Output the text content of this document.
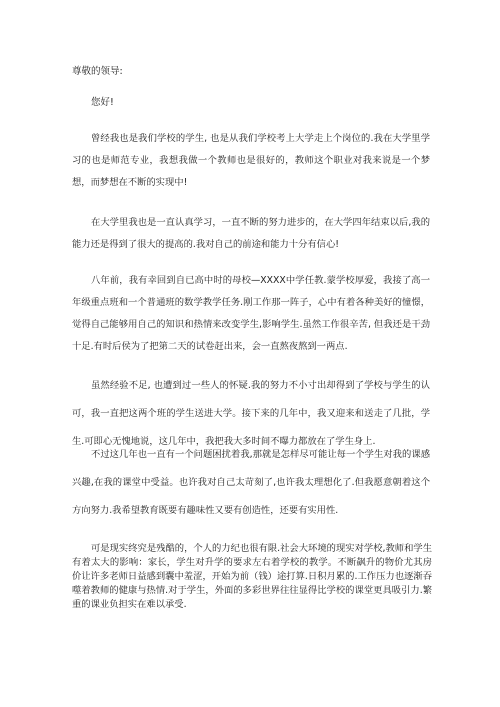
尊敬的领导:
您好!

曾经我也是我们学校的学生, 也是从我们学校考上大学走上个岗位的.我在大学里学习的也是师范专业，我想我做一个教师也是很好的，教师这个职业对我来说是一个梦想，而梦想在不断的实现中!

在大学里我也是一直认真学习，一直不断的努力进步的，在大学四年结束以后,我的能力还是得到了很大的提高的.我对自己的前途和能力十分有信心!

八年前，我有幸回到自已高中时的母校—XXXX中学任教.蒙学校厚爱，我接了高一年级重点班和一个普通班的数学教学任务.刚工作那一阵子，心中有着各种美好的憧憬，觉得自己能够用自己的知识和热情来改变学生,影响学生.虽然工作很辛苦, 但我还是干劲十足.有时后侯为了把第二天的试卷赶出来，会一直熬夜熬到一两点.

虽然经验不足, 也遭到过一些人的怀疑.我的努力不小寸出却得到了学校与学生的认可，我一直把这两个班的学生送进大学。接下来的几年中，我又迎来和送走了几批，学生.可即心无愧地说，这几年中，我把我大多时间不曝力都放在了学生身上.

不过这几年也一直有一个问题困扰着我,那就是怎样尽可能让每一个学生对我的课感兴趣,在我的课堂中受益。也许我对自己太苛刻了,也许我太理想化了.但我愿意朝着这个方向努力.我希望教育既要有趣味性又要有创造性，还要有实用性.

可是现实终究是残酷的，个人的力纪也很有限.社会大环境的现实对学校,教师和学生有着太大的影响：家长，学生对升学的要求左右着学校的教学。不断飙升的物价尤其房价让许多老师日益感到囊中羞涩，开始为前（钱）途打算.日积月累的.工作压力也逐渐吞噬着教师的健康与热情.对于学生，外面的多彩世界往往显得比学校的课堂更具吸引力.繁重的课业负担实在难以承受.
